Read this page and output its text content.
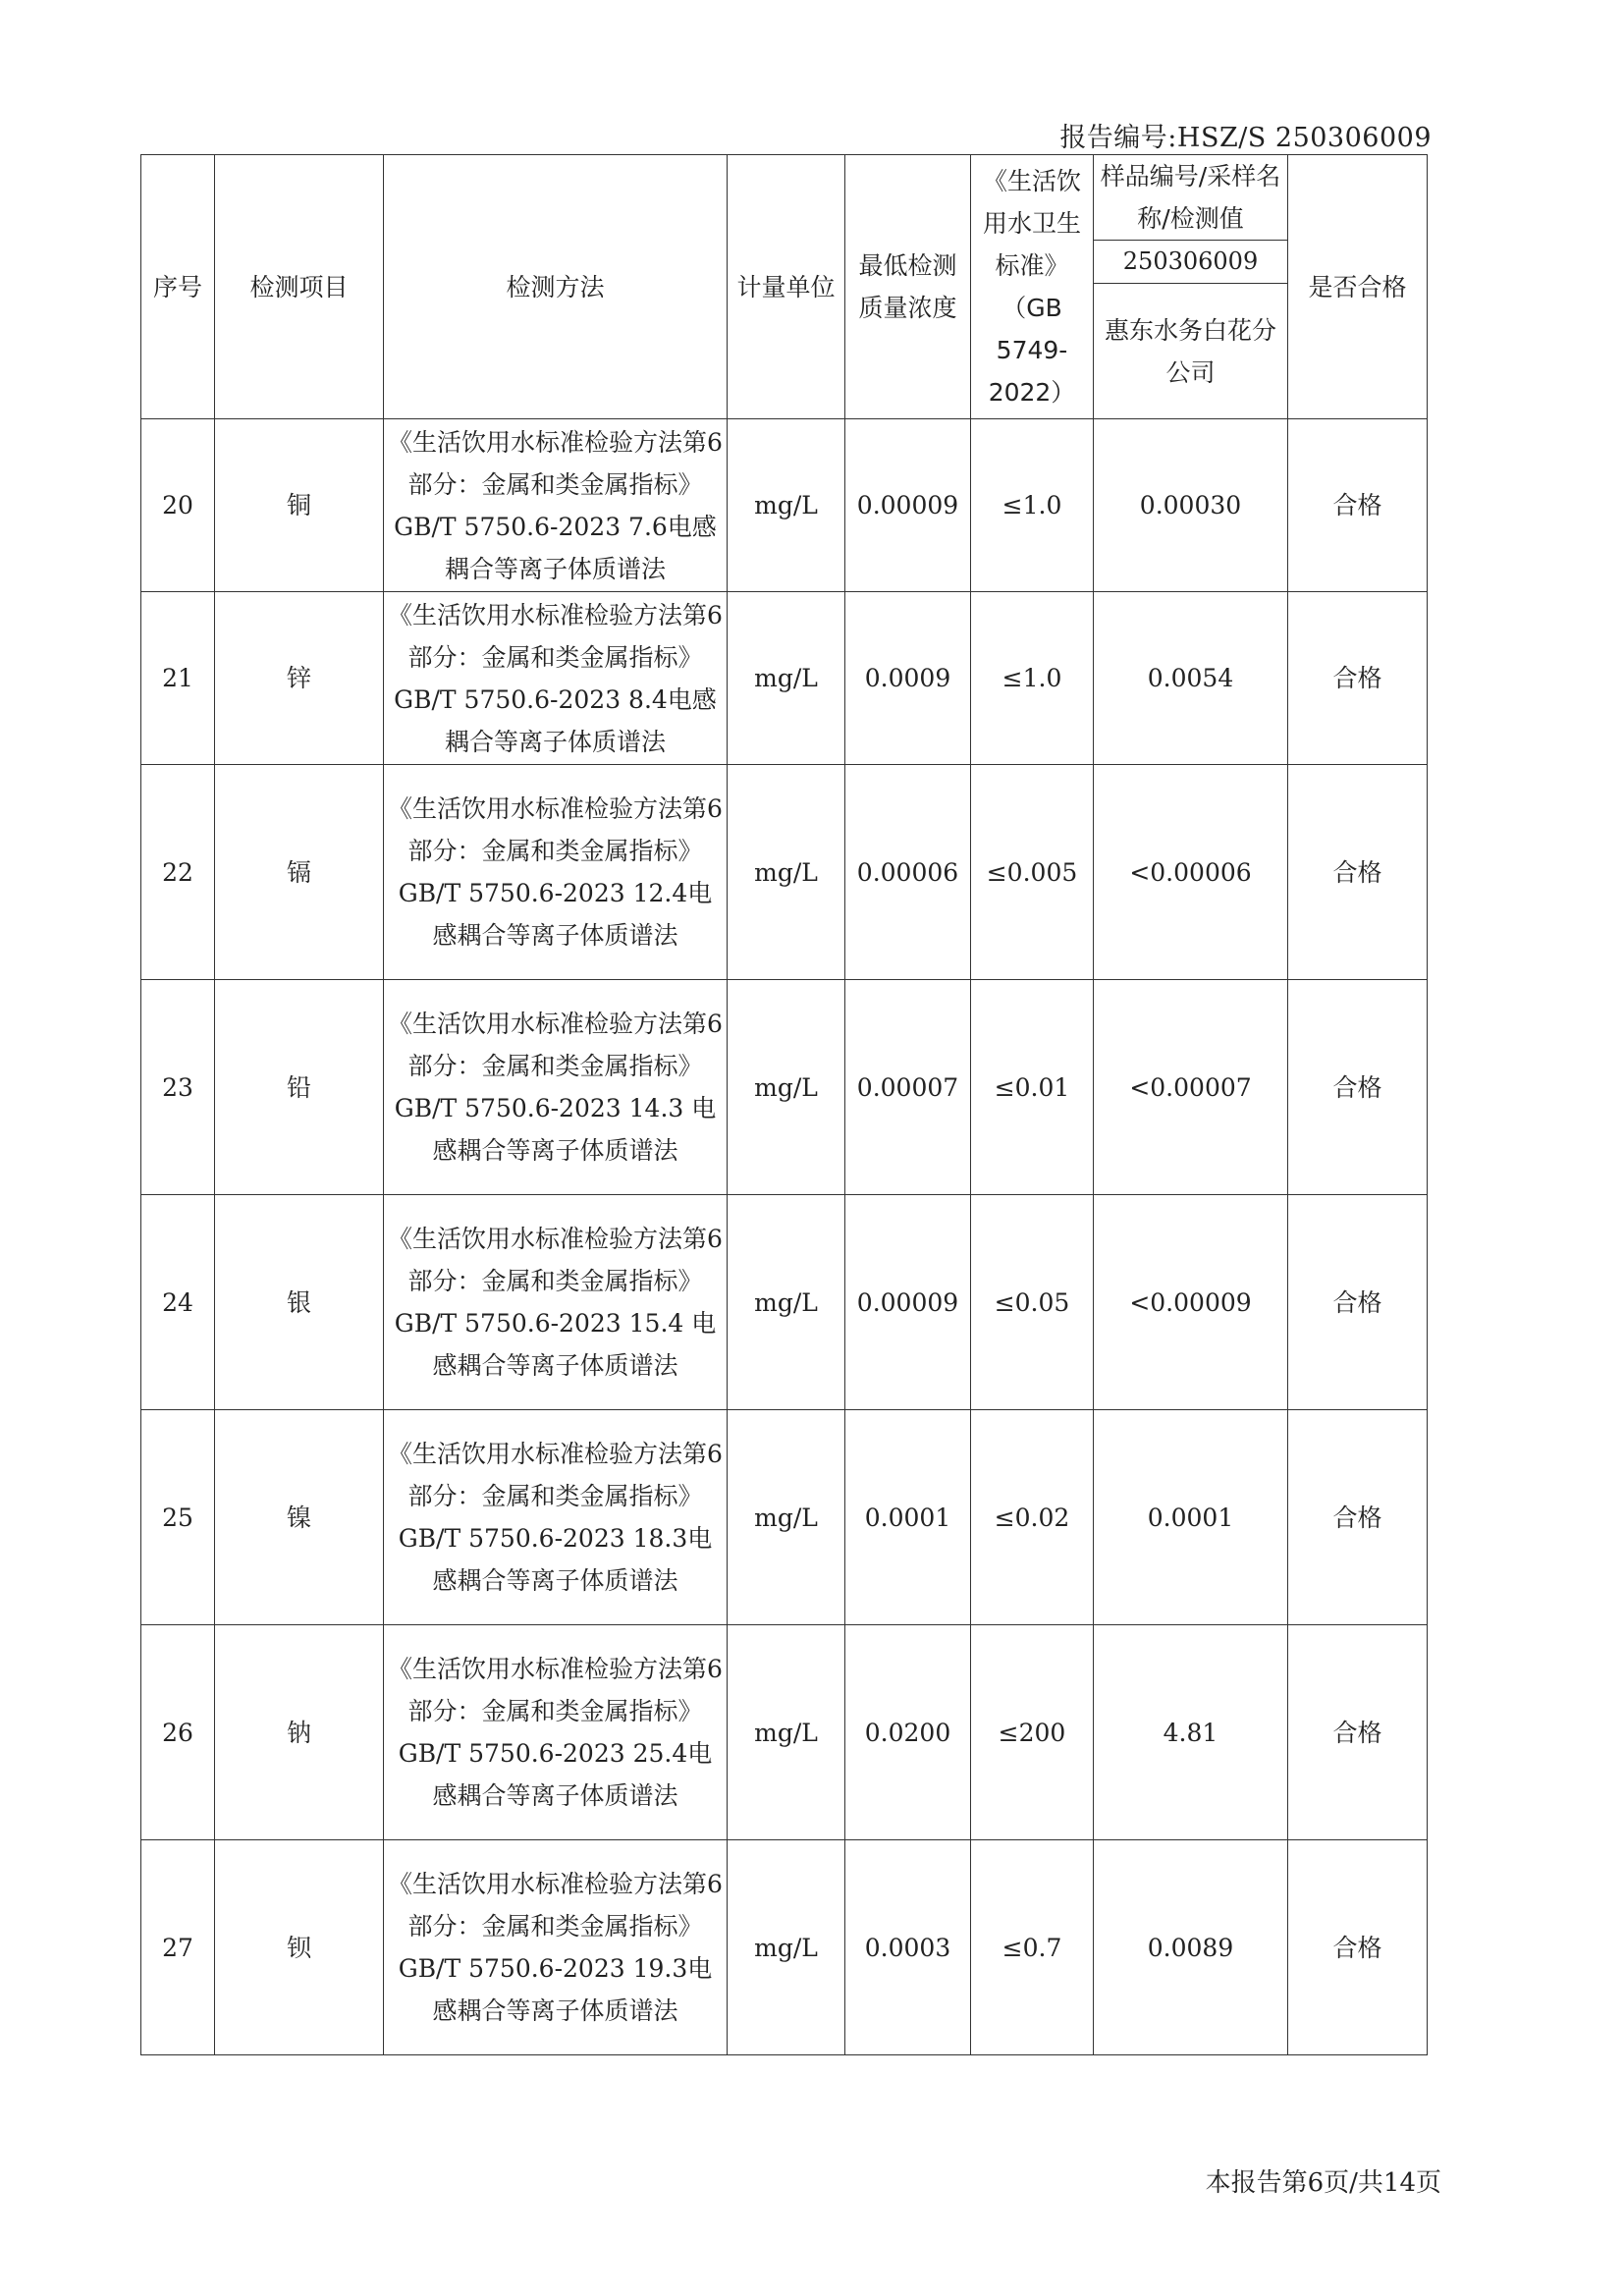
报告编号:HSZ/S 250306009
序号	检测项目	检测方法	计量单位	最低检测质量浓度	《生活饮用水卫生标准》（GB 5749-2022）	样品编号/采样名称/检测值	是否合格
						250306009	
						惠东水务白花分公司	
20	铜	《生活饮用水标准检验方法第6部分：金属和类金属指标》GB/T 5750.6-2023 7.6电感耦合等离子体质谱法	mg/L	0.00009	≤1.0	0.00030	合格
21	锌	《生活饮用水标准检验方法第6部分：金属和类金属指标》GB/T 5750.6-2023 8.4电感耦合等离子体质谱法	mg/L	0.0009	≤1.0	0.0054	合格
22	镉	《生活饮用水标准检验方法第6部分：金属和类金属指标》GB/T 5750.6-2023 12.4电感耦合等离子体质谱法	mg/L	0.00006	≤0.005	<0.00006	合格
23	铅	《生活饮用水标准检验方法第6部分：金属和类金属指标》GB/T 5750.6-2023 14.3 电感耦合等离子体质谱法	mg/L	0.00007	≤0.01	<0.00007	合格
24	银	《生活饮用水标准检验方法第6部分：金属和类金属指标》GB/T 5750.6-2023 15.4 电感耦合等离子体质谱法	mg/L	0.00009	≤0.05	<0.00009	合格
25	镍	《生活饮用水标准检验方法第6部分：金属和类金属指标》GB/T 5750.6-2023 18.3电感耦合等离子体质谱法	mg/L	0.0001	≤0.02	0.0001	合格
26	钠	《生活饮用水标准检验方法第6部分：金属和类金属指标》GB/T 5750.6-2023 25.4电感耦合等离子体质谱法	mg/L	0.0200	≤200	4.81	合格
27	钡	《生活饮用水标准检验方法第6部分：金属和类金属指标》GB/T 5750.6-2023 19.3电感耦合等离子体质谱法	mg/L	0.0003	≤0.7	0.0089	合格
本报告第6页/共14页
